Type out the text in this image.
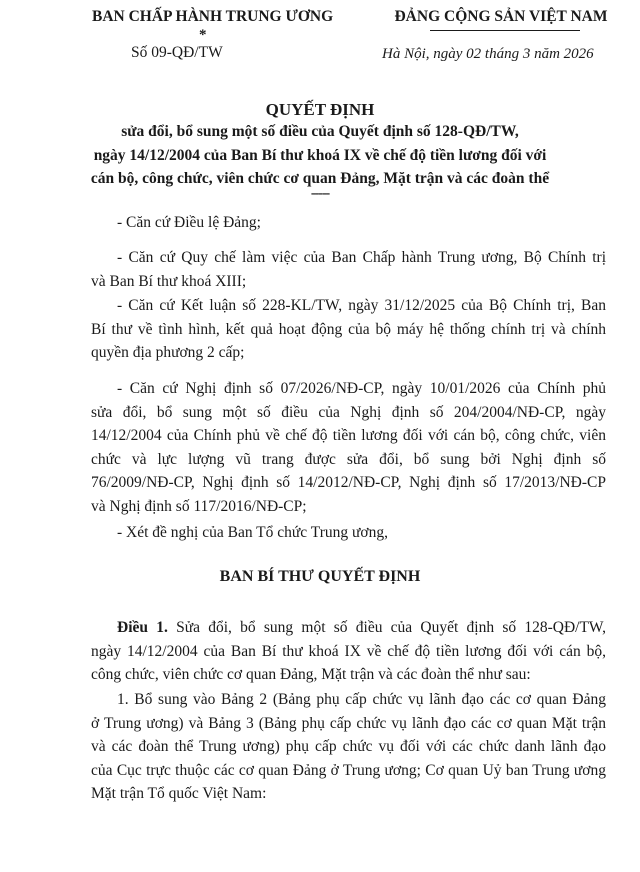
BAN CHẤP HÀNH TRUNG ƯƠNG
*
Số 09-QĐ/TW
ĐẢNG CỘNG SẢN VIỆT NAM
Hà Nội, ngày 02 tháng 3 năm 2026
QUYẾT ĐỊNH
sửa đổi, bổ sung một số điều của Quyết định số 128-QĐ/TW,
ngày 14/12/2004 của Ban Bí thư khoá IX về chế độ tiền lương đối với
cán bộ, công chức, viên chức cơ quan Đảng, Mặt trận và các đoàn thể
-----
- Căn cứ Điều lệ Đảng;
- Căn cứ Quy chế làm việc của Ban Chấp hành Trung ương, Bộ Chính trị
và Ban Bí thư khoá XIII;
- Căn cứ Kết luận số 228-KL/TW, ngày 31/12/2025 của Bộ Chính trị, Ban
Bí thư về tình hình, kết quả hoạt động của bộ máy hệ thống chính trị và chính
quyền địa phương 2 cấp;
- Căn cứ Nghị định số 07/2026/NĐ-CP, ngày 10/01/2026 của Chính phủ
sửa đổi, bổ sung một số điều của Nghị định số 204/2004/NĐ-CP, ngày
14/12/2004 của Chính phủ về chế độ tiền lương đối với cán bộ, công chức, viên
chức và lực lượng vũ trang được sửa đổi, bổ sung bởi Nghị định số
76/2009/NĐ-CP, Nghị định số 14/2012/NĐ-CP, Nghị định số 17/2013/NĐ-CP
và Nghị định số 117/2016/NĐ-CP;
- Xét đề nghị của Ban Tổ chức Trung ương,
BAN BÍ THƯ QUYẾT ĐỊNH
Điều 1. Sửa đổi, bổ sung một số điều của Quyết định số 128-QĐ/TW,
ngày 14/12/2004 của Ban Bí thư khoá IX về chế độ tiền lương đối với cán bộ,
công chức, viên chức cơ quan Đảng, Mặt trận và các đoàn thể như sau:
1. Bổ sung vào Bảng 2 (Bảng phụ cấp chức vụ lãnh đạo các cơ quan Đảng
ở Trung ương) và Bảng 3 (Bảng phụ cấp chức vụ lãnh đạo các cơ quan Mặt trận
và các đoàn thể Trung ương) phụ cấp chức vụ đối với các chức danh lãnh đạo
của Cục trực thuộc các cơ quan Đảng ở Trung ương; Cơ quan Uỷ ban Trung ương
Mặt trận Tổ quốc Việt Nam:
